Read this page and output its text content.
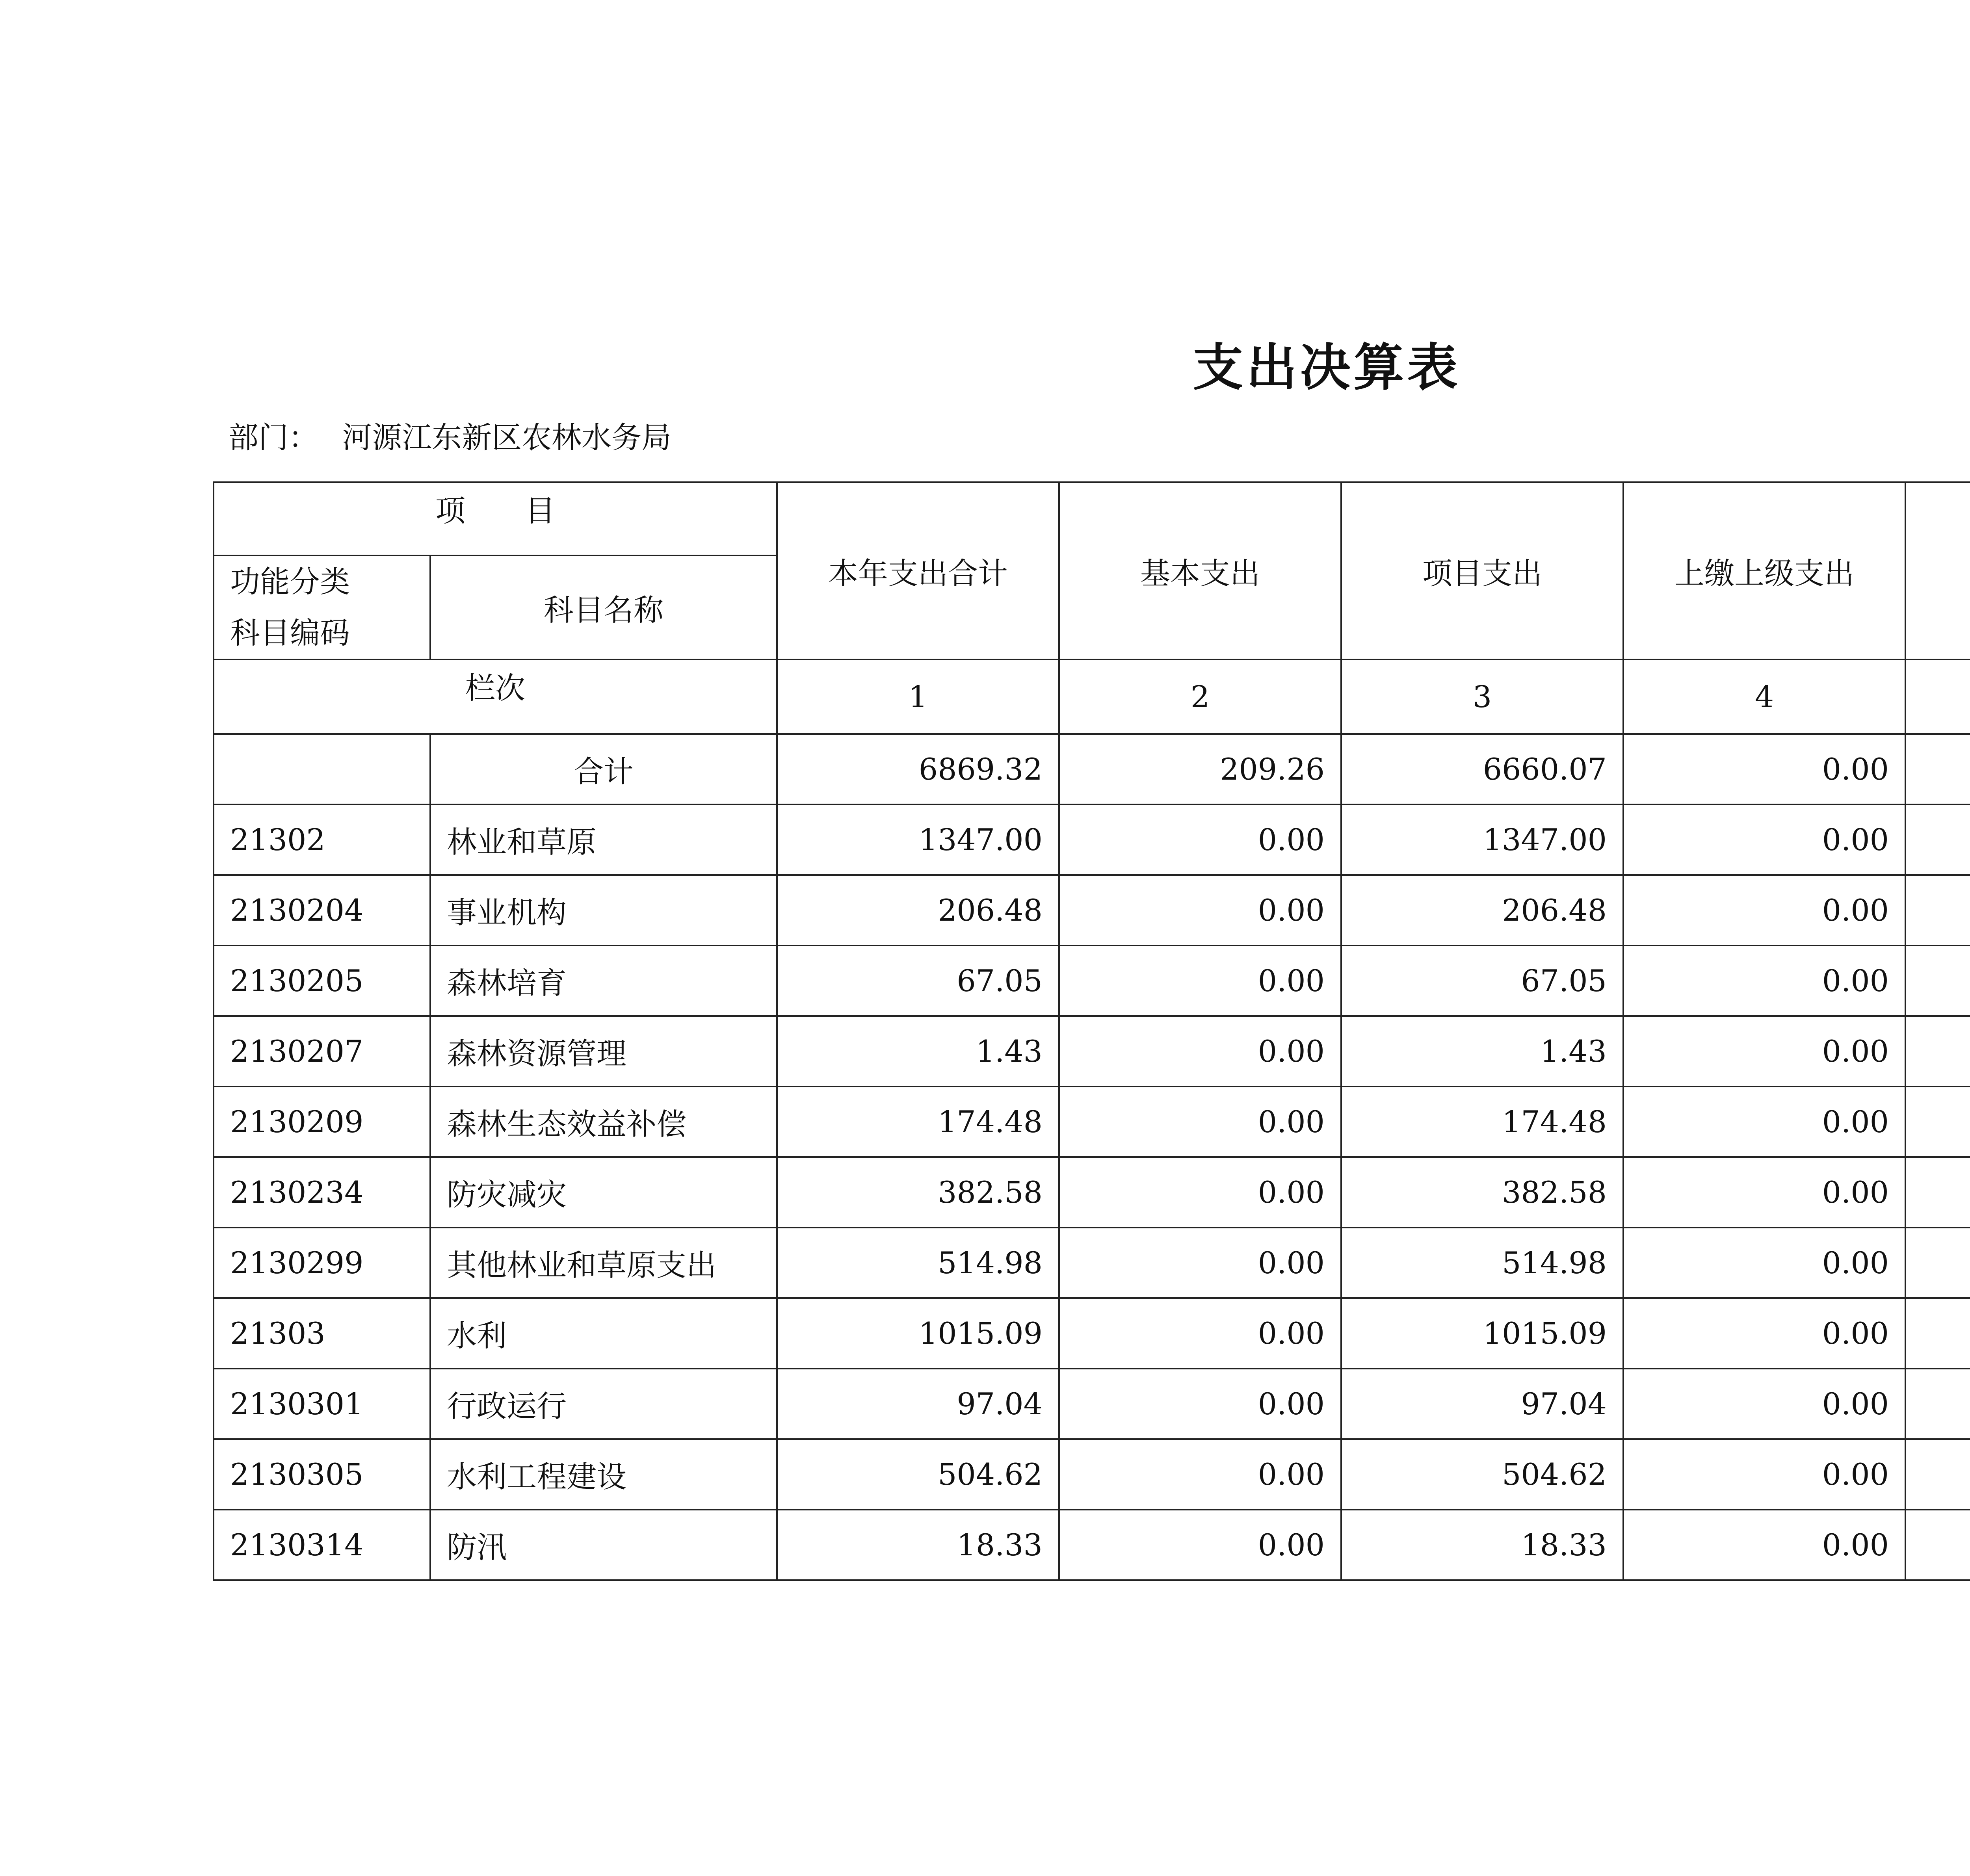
支出决算表
部门： 河源江东新区农林水务局
项　　目		本年支出合计	基本支出	项目支出	上缴上级支出		

功能分类
科目编码	科目名称						
栏次		1	2	3	4		
	合计	6869.32	209.26	6660.07	0.00		
21302	林业和草原	1347.00	0.00	1347.00	0.00		
2130204	事业机构	206.48	0.00	206.48	0.00		
2130205	森林培育	67.05	0.00	67.05	0.00		
2130207	森林资源管理	1.43	0.00	1.43	0.00		
2130209	森林生态效益补偿	174.48	0.00	174.48	0.00		
2130234	防灾减灾	382.58	0.00	382.58	0.00		
2130299	其他林业和草原支出	514.98	0.00	514.98	0.00		
21303	水利	1015.09	0.00	1015.09	0.00		
2130301	行政运行	97.04	0.00	97.04	0.00		
2130305	水利工程建设	504.62	0.00	504.62	0.00		
2130314	防汛	18.33	0.00	18.33	0.00		
